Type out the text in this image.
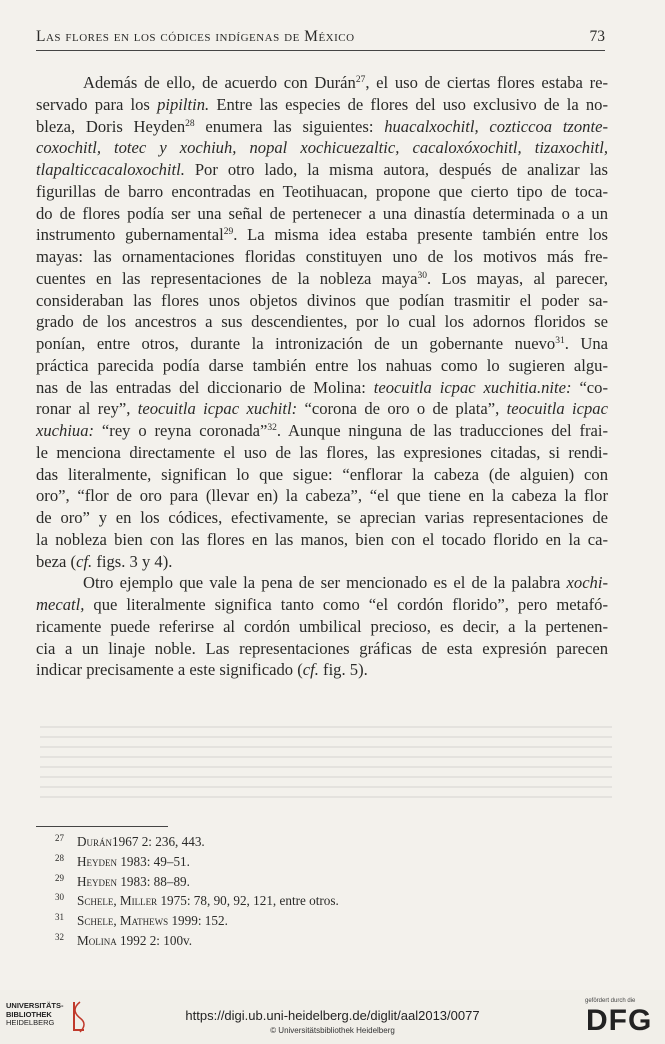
Las flores en los códices indígenas de México	73
Además de ello, de acuerdo con Durán$^{27}$, el uso de ciertas flores estaba re-
servado para los pipiltin. Entre las especies de flores del uso exclusivo de la no-
bleza, Doris Heyden$^{28}$ enumera las siguientes: huacalxochitl, cozticcoa tzonte-
coxochitl, totec y xochiuh, nopal xochicuezaltic, cacaloxóxochitl, tizaxochitl,
tlapalticcacaloxochitl. Por otro lado, la misma autora, después de analizar las
figurillas de barro encontradas en Teotihuacan, propone que cierto tipo de toca-
do de flores podía ser una señal de pertenecer a una dinastía determinada o a un
instrumento gubernamental$^{29}$. La misma idea estaba presente también entre los
mayas: las ornamentaciones floridas constituyen uno de los motivos más fre-
cuentes en las representaciones de la nobleza maya$^{30}$. Los mayas, al parecer,
consideraban las flores unos objetos divinos que podían trasmitir el poder sa-
grado de los ancestros a sus descendientes, por lo cual los adornos floridos se
ponían, entre otros, durante la intronización de un gobernante nuevo$^{31}$. Una
práctica parecida podía darse también entre los nahuas como lo sugieren algu-
nas de las entradas del diccionario de Molina: teocuitla icpac xuchitia.nite: “co-
ronar al rey”, teocuitla icpac xuchitl: “corona de oro o de plata”, teocuitla icpac
xuchiua: “rey o reyna coronada”$^{32}$. Aunque ninguna de las traducciones del frai-
le menciona directamente el uso de las flores, las expresiones citadas, si rendi-
das literalmente, significan lo que sigue: “enflorar la cabeza (de alguien) con
oro”, “flor de oro para (llevar en) la cabeza”, “el que tiene en la cabeza la flor
de oro” y en los códices, efectivamente, se aprecian varias representaciones de
la nobleza bien con las flores en las manos, bien con el tocado florido en la ca-
beza (cf. figs. 3 y 4).
Otro ejemplo que vale la pena de ser mencionado es el de la palabra xochi-
mecatl, que literalmente significa tanto como “el cordón florido”, pero metafó-
ricamente puede referirse al cordón umbilical precioso, es decir, a la pertenen-
cia a un linaje noble. Las representaciones gráficas de esta expresión parecen
indicar precisamente a este significado (cf. fig. 5).
27 Durán1967 2: 236, 443.
28 Heyden 1983: 49–51.
29 Heyden 1983: 88–89.
30 Schele, Miller 1975: 78, 90, 92, 121, entre otros.
31 Schele, Mathews 1999: 152.
32 Molina 1992 2: 100v.
UNIVERSITÄTS-
BIBLIOTHEK
HEIDELBERG	https://digi.ub.uni-heidelberg.de/diglit/aal2013/0077
© Universitätsbibliothek Heidelberg
gefördert durch die
DFG
